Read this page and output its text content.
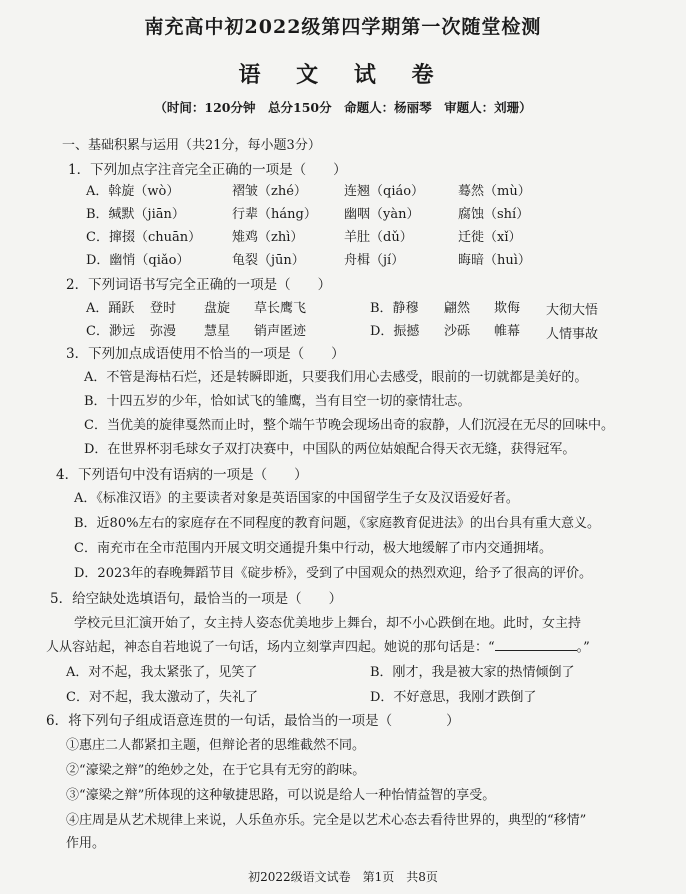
南充高中初2022级第四学期第一次随堂检测
语 文 试 卷
（时间：120分钟　总分150分　命题人：杨丽琴　审题人：刘珊）
一、基础积累与运用（共21分，每小题3分）
1．下列加点字注音完全正确的一项是（　　）
A．斡旋（wò）	褶皱（zhé）	连翘（qiáo）	蓦然（mù）
B．缄默（jiān）	行辈（háng） 幽咽（yàn）	腐蚀（shí）
C．撺掇（chuān） 雉鸡（zhì）	羊肚（dǔ）	迁徙（xǐ）
D．幽悄（qiǎo）	龟裂（jūn）	舟楫（jí）	晦暗（huì）
2．下列词语书写完全正确的一项是（　　）
A．踊跃 登时 盘旋 草长鹰飞	B．静穆 翩然 欺侮 大彻大悟
C．渺远 弥漫 慧星 销声匿迹	D．振撼 沙砾 帷幕 人情事故
3．下列加点成语使用不恰当的一项是（　　）
A．不管是海枯石烂，还是转瞬即逝，只要我们用心去感受，眼前的一切就都是美好的。
B．十四五岁的少年，恰如试飞的雏鹰，当有目空一切的豪情壮志。
C．当优美的旋律戛然而止时，整个端午节晚会现场出奇的寂静，人们沉浸在无尽的回味中。
D．在世界杯羽毛球女子双打决赛中，中国队的两位姑娘配合得天衣无缝，获得冠军。
4．下列语句中没有语病的一项是（　　）
A．《标准汉语》的主要读者对象是英语国家的中国留学生子女及汉语爱好者。
B．近80%左右的家庭存在不同程度的教育问题，《家庭教育促进法》的出台具有重大意义。
C．南充市在全市范围内开展文明交通提升集中行动，极大地缓解了市内交通拥堵。
D．2023年的春晚舞蹈节目《碇步桥》，受到了中国观众的热烈欢迎，给予了很高的评价。
5．给空缺处选填语句，最恰当的一项是（　　）
学校元旦汇演开始了，女主持人姿态优美地步上舞台，却不小心跌倒在地。此时，女主持
人从容站起，神态自若地说了一句话，场内立刻掌声四起。她说的那句话是：“	。”
A．对不起，我太紧张了，见笑了	B．刚才，我是被大家的热情倾倒了
C．对不起，我太激动了，失礼了	D．不好意思，我刚才跌倒了
6．将下列句子组成语意连贯的一句话，最恰当的一项是（　　　　）
①惠庄二人都紧扣主题，但辩论者的思维截然不同。
②“濠梁之辩”的绝妙之处，在于它具有无穷的韵味。
③“濠梁之辩”所体现的这种敏捷思路，可以说是给人一种怡情益智的享受。
④庄周是从艺术规律上来说，人乐鱼亦乐。完全是以艺术心态去看待世界的，典型的“移情”
作用。
初2022级语文试卷　第1页　共8页
